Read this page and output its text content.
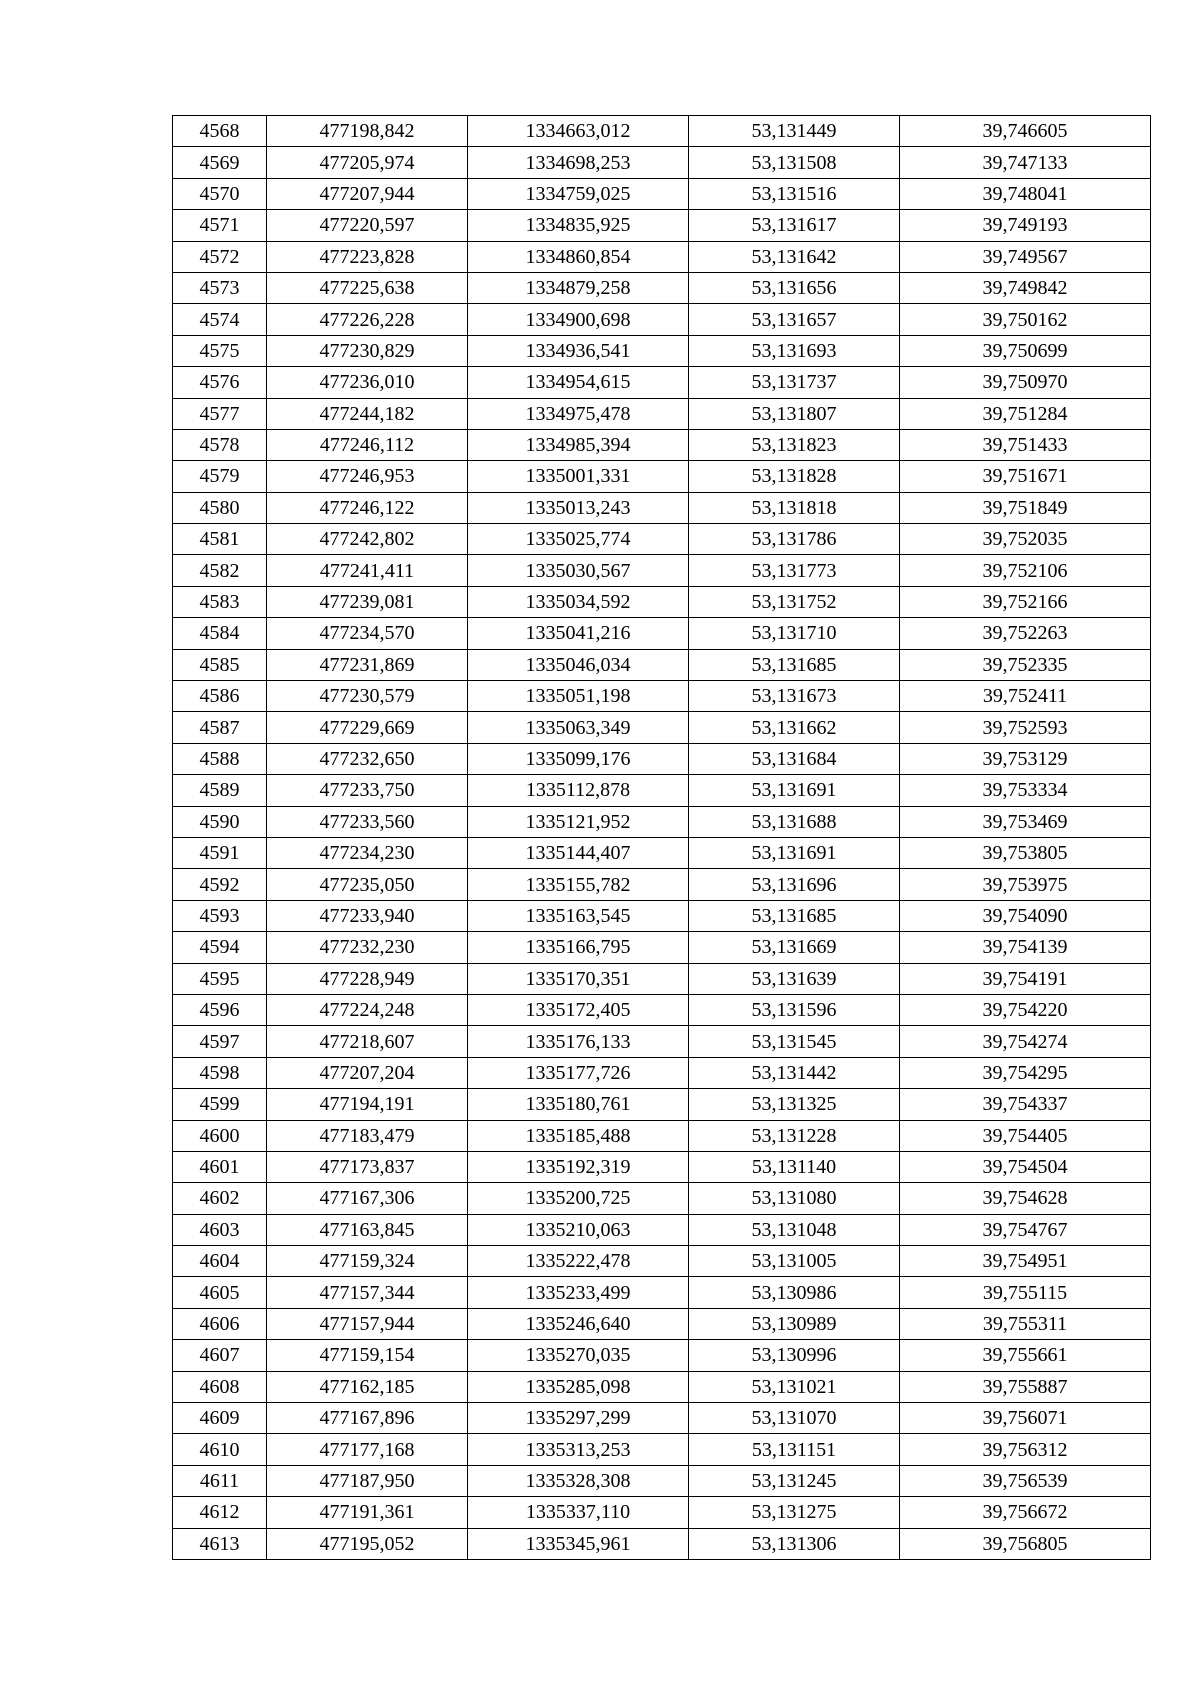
4568	477198,842	1334663,012	53,131449	39,746605
4569	477205,974	1334698,253	53,131508	39,747133
4570	477207,944	1334759,025	53,131516	39,748041
4571	477220,597	1334835,925	53,131617	39,749193
4572	477223,828	1334860,854	53,131642	39,749567
4573	477225,638	1334879,258	53,131656	39,749842
4574	477226,228	1334900,698	53,131657	39,750162
4575	477230,829	1334936,541	53,131693	39,750699
4576	477236,010	1334954,615	53,131737	39,750970
4577	477244,182	1334975,478	53,131807	39,751284
4578	477246,112	1334985,394	53,131823	39,751433
4579	477246,953	1335001,331	53,131828	39,751671
4580	477246,122	1335013,243	53,131818	39,751849
4581	477242,802	1335025,774	53,131786	39,752035
4582	477241,411	1335030,567	53,131773	39,752106
4583	477239,081	1335034,592	53,131752	39,752166
4584	477234,570	1335041,216	53,131710	39,752263
4585	477231,869	1335046,034	53,131685	39,752335
4586	477230,579	1335051,198	53,131673	39,752411
4587	477229,669	1335063,349	53,131662	39,752593
4588	477232,650	1335099,176	53,131684	39,753129
4589	477233,750	1335112,878	53,131691	39,753334
4590	477233,560	1335121,952	53,131688	39,753469
4591	477234,230	1335144,407	53,131691	39,753805
4592	477235,050	1335155,782	53,131696	39,753975
4593	477233,940	1335163,545	53,131685	39,754090
4594	477232,230	1335166,795	53,131669	39,754139
4595	477228,949	1335170,351	53,131639	39,754191
4596	477224,248	1335172,405	53,131596	39,754220
4597	477218,607	1335176,133	53,131545	39,754274
4598	477207,204	1335177,726	53,131442	39,754295
4599	477194,191	1335180,761	53,131325	39,754337
4600	477183,479	1335185,488	53,131228	39,754405
4601	477173,837	1335192,319	53,131140	39,754504
4602	477167,306	1335200,725	53,131080	39,754628
4603	477163,845	1335210,063	53,131048	39,754767
4604	477159,324	1335222,478	53,131005	39,754951
4605	477157,344	1335233,499	53,130986	39,755115
4606	477157,944	1335246,640	53,130989	39,755311
4607	477159,154	1335270,035	53,130996	39,755661
4608	477162,185	1335285,098	53,131021	39,755887
4609	477167,896	1335297,299	53,131070	39,756071
4610	477177,168	1335313,253	53,131151	39,756312
4611	477187,950	1335328,308	53,131245	39,756539
4612	477191,361	1335337,110	53,131275	39,756672
4613	477195,052	1335345,961	53,131306	39,756805
